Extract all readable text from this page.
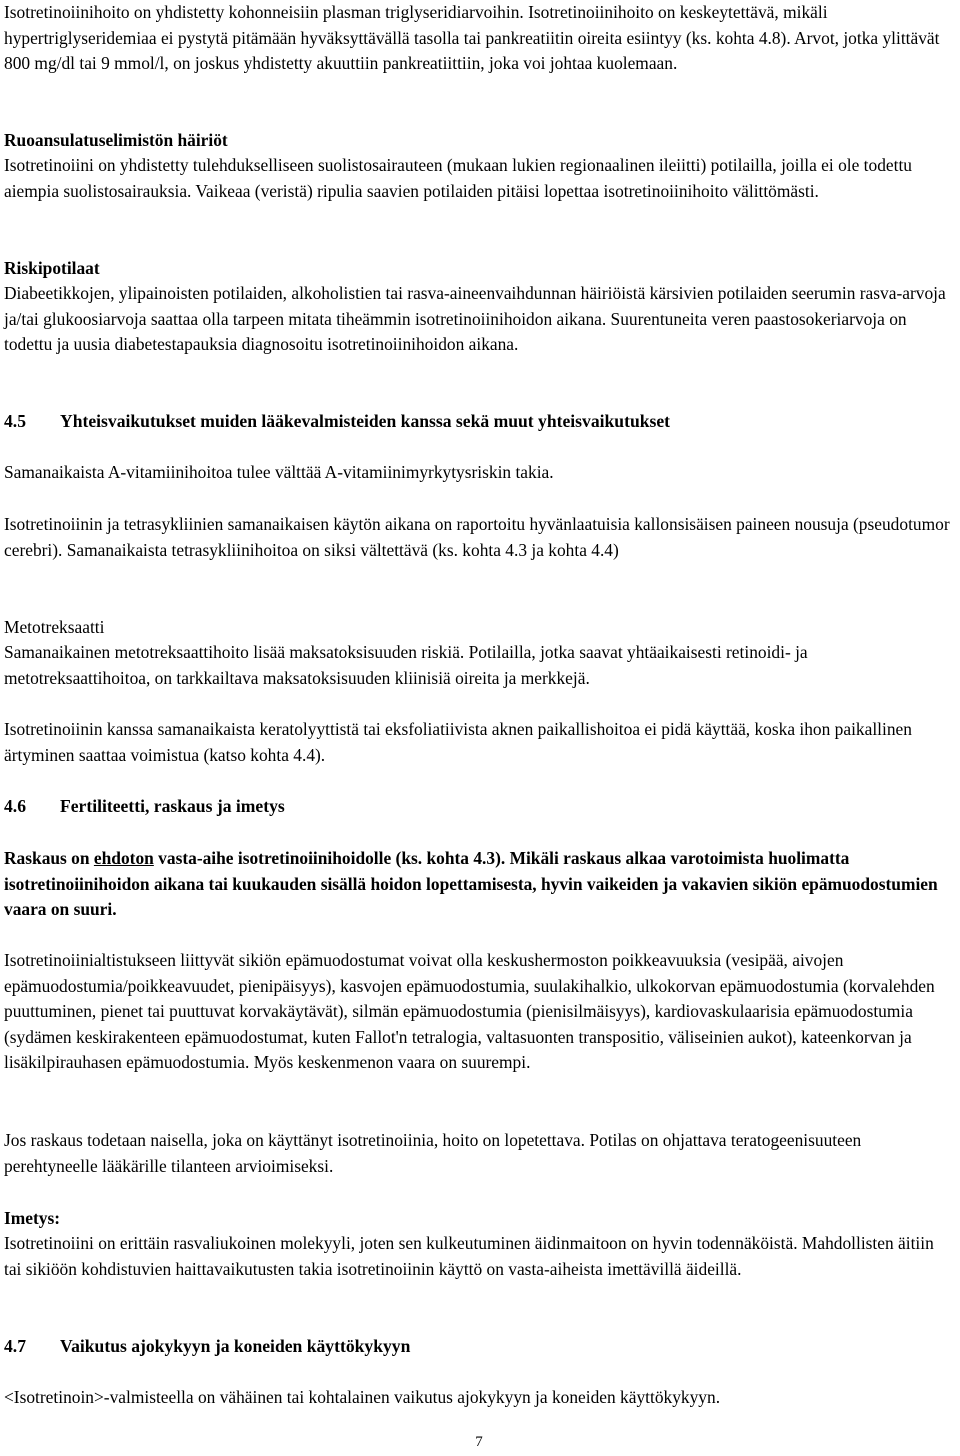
Isotretinoiinihoito on yhdistetty kohonneisiin plasman triglyseridiarvoihin. Isotretinoiinihoito on keskeytettävä, mikäli hypertriglyseridemiaa ei pystytä pitämään hyväksyttävällä tasolla tai pankreatiitin oireita esiintyy (ks. kohta 4.8). Arvot, jotka ylittävät 800 mg/dl tai 9 mmol/l, on joskus yhdistetty akuuttiin pankreatiittiin, joka voi johtaa kuolemaan.

Ruoansulatuselimistön häiriöt

Isotretinoiini on yhdistetty tulehdukselliseen suolistosairauteen (mukaan lukien regionaalinen ileiitti) potilailla, joilla ei ole todettu aiempia suolistosairauksia. Vaikeaa (veristä) ripulia saavien potilaiden pitäisi lopettaa isotretinoiinihoito välittömästi.

Riskipotilaat

Diabeetikkojen, ylipainoisten potilaiden, alkoholistien tai rasva-aineenvaihdunnan häiriöistä kärsivien potilaiden seerumin rasva-arvoja ja/tai glukoosiarvoja saattaa olla tarpeen mitata tiheämmin isotretinoiinihoidon aikana. Suurentuneita veren paastosokeriarvoja on todettu ja uusia diabetestapauksia diagnosoitu isotretinoiinihoidon aikana.

4.5 Yhteisvaikutukset muiden lääkevalmisteiden kanssa sekä muut yhteisvaikutukset

Samanaikaista A-vitamiinihoitoa tulee välttää A-vitamiinimyrkytysriskin takia.

Isotretinoiinin ja tetrasykliinien samanaikaisen käytön aikana on raportoitu hyvänlaatuisia kallonsisäisen paineen nousuja (pseudotumor cerebri). Samanaikaista tetrasykliinihoitoa on siksi vältettävä (ks. kohta 4.3 ja kohta 4.4)

Metotreksaatti

Samanaikainen metotreksaattihoito lisää maksatoksisuuden riskiä. Potilailla, jotka saavat yhtäaikaisesti retinoidi- ja metotreksaattihoitoa, on tarkkailtava maksatoksisuuden kliinisiä oireita ja merkkejä.

Isotretinoiinin kanssa samanaikaista keratolyyttistä tai eksfoliatiivista aknen paikallishoitoa ei pidä käyttää, koska ihon paikallinen ärtyminen saattaa voimistua (katso kohta 4.4).

4.6 Fertiliteetti, raskaus ja imetys

Raskaus on ehdoton vasta-aihe isotretinoiinihoidolle (ks. kohta 4.3). Mikäli raskaus alkaa varotoimista huolimatta isotretinoiinihoidon aikana tai kuukauden sisällä hoidon lopettamisesta, hyvin vaikeiden ja vakavien sikiön epämuodostumien vaara on suuri.

Isotretinoiinialtistukseen liittyvät sikiön epämuodostumat voivat olla keskushermoston poikkeavuuksia (vesipää, aivojen epämuodostumia/poikkeavuudet, pienipäisyys), kasvojen epämuodostumia, suulakihalkio, ulkokorvan epämuodostumia (korvalehden puuttuminen, pienet tai puuttuvat korvakäytävät), silmän epämuodostumia (pienisilmäisyys), kardiovaskulaarisia epämuodostumia (sydämen keskirakenteen epämuodostumat, kuten Fallot'n tetralogia, valtasuonten transpositio, väliseinien aukot), kateenkorvan ja lisäkilpirauhasen epämuodostumia. Myös keskenmenon vaara on suurempi.

Jos raskaus todetaan naisella, joka on käyttänyt isotretinoiinia, hoito on lopetettava. Potilas on ohjattava teratogeenisuuteen perehtyneelle lääkärille tilanteen arvioimiseksi.

Imetys:

Isotretinoiini on erittäin rasvaliukoinen molekyyli, joten sen kulkeutuminen äidinmaitoon on hyvin todennäköistä. Mahdollisten äitiin tai sikiöön kohdistuvien haittavaikutusten takia isotretinoiinin käyttö on vasta-aiheista imettävillä äideillä.

4.7 Vaikutus ajokykyyn ja koneiden käyttökykyyn

<Isotretinoin>-valmisteella on vähäinen tai kohtalainen vaikutus ajokykyyn ja koneiden käyttökykyyn.

7
